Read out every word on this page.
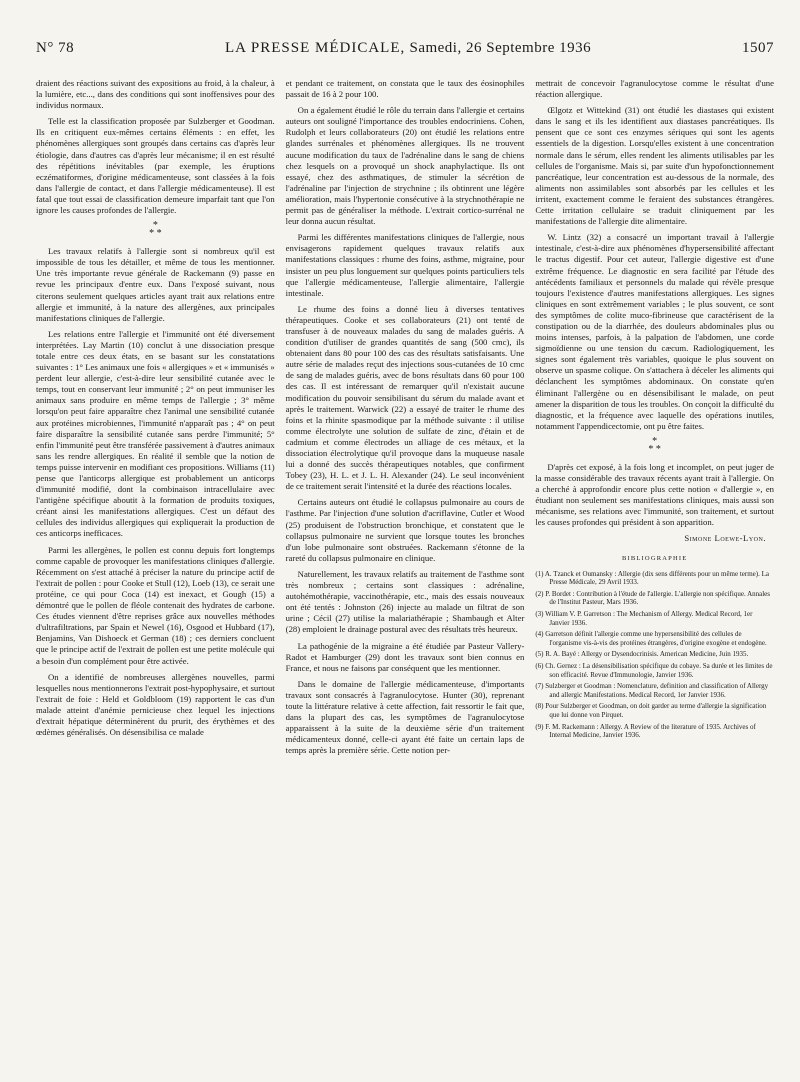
N° 78	LA PRESSE MÉDICALE, Samedi, 26 Septembre 1936	1507

draient des réactions suivant des expositions au froid, à la chaleur, à la lumière, etc..., dans des conditions qui sont inoffensives pour des individus normaux.

Telle est la classification proposée par Sulzberger et Goodman. Ils en critiquent eux-mêmes certains éléments : en effet, les phénomènes allergiques sont groupés dans certains cas d'après leur étiologie, dans d'autres cas d'après leur mécanisme; il en est résulté des répétitions inévitables (par exemple, les éruptions eczématiformes, d'origine médicamenteuse, sont classées à la fois dans l'allergie de contact, et dans l'allergie médicamenteuse). Il est fatal que tout essai de classification demeure imparfait tant que l'on ignore les causes profondes de l'allergie.

*
* *

Les travaux relatifs à l'allergie sont si nombreux qu'il est impossible de tous les détailler, et même de tous les mentionner. Une très importante revue générale de Rackemann (9) passe en revue les principaux d'entre eux. Dans l'exposé suivant, nous citerons seulement quelques articles ayant trait aux relations entre allergie et immunité, à la nature des allergènes, aux principales manifestations cliniques de l'allergie.

Les relations entre l'allergie et l'immunité ont été diversement interprétées. Lay Martin (10) conclut à une dissociation presque totale entre ces deux états, en se basant sur les constatations suivantes : 1° Les animaux une fois « allergiques » et « immunisés » perdent leur allergie, c'est-à-dire leur sensibilité cutanée avec le temps, tout en conservant leur immunité ; 2° on peut immuniser les animaux sans produire en même temps de l'allergie ; 3° même lorsqu'on peut faire apparaître chez l'animal une sensibilité cutanée aux protéines microbiennes, l'immunité n'apparaît pas ; 4° on peut faire disparaître la sensibilité cutanée sans perdre l'immunité; 5° enfin l'immunité peut être transférée passivement à d'autres animaux sans les rendre allergiques. En réalité il semble que la notion de temps puisse intervenir en modifiant ces propositions. Williams (11) pense que l'anticorps allergique est probablement un anticorps d'immunité modifié, dont la combinaison intracellulaire avec l'antigène spécifique aboutit à la formation de produits toxiques, créant ainsi les manifestations allergiques. C'est un défaut des cellules des individus allergiques qui expliquerait la production de ces anticorps inefficaces.

Parmi les allergènes, le pollen est connu depuis fort longtemps comme capable de provoquer les manifestations cliniques d'allergie. Récemment on s'est attaché à préciser la nature du principe actif de l'extrait de pollen : pour Cooke et Stull (12), Loeb (13), ce serait une protéine, ce qui pour Coca (14) est inexact, et Gough (15) a démontré que le pollen de fléole contenait des hydrates de carbone. Ces études viennent d'être reprises grâce aux nouvelles méthodes d'ultrafiltrations, par Spain et Newel (16), Osgood et Hubbard (17), Benjamins, Van Dishoeck et German (18) ; ces derniers concluent que le principe actif de l'extrait de pollen est une petite molécule qui a besoin d'un complément pour être activée.

On a identifié de nombreuses allergènes nouvelles, parmi lesquelles nous mentionnerons l'extrait post-hypophysaire, et surtout l'extrait de foie : Held et Goldbloom (19) rapportent le cas d'un malade atteint d'anémie pernicieuse chez lequel les injections d'extrait hépatique déterminèrent du prurit, des érythèmes et des œdèmes généralisés. On désensibilisa ce malade

et pendant ce traitement, on constata que le taux des éosinophiles passait de 16 à 2 pour 100.

On a également étudié le rôle du terrain dans l'allergie et certains auteurs ont souligné l'importance des troubles endocriniens. Cohen, Rudolph et leurs collaborateurs (20) ont étudié les relations entre glandes surrénales et phénomènes allergiques. Ils ne trouvent aucune modification du taux de l'adrénaline dans le sang de chiens chez lesquels on a provoqué un shock anaphylactique. Ils ont essayé, chez des asthmatiques, de stimuler la sécrétion de l'adrénaline par l'injection de strychnine ; ils obtinrent une légère amélioration, mais l'hypertonie consécutive à la strychnothérapie ne permit pas de généraliser la méthode. L'extrait cortico-surrénal ne leur donna aucun résultat.

Parmi les différentes manifestations cliniques de l'allergie, nous envisagerons rapidement quelques travaux relatifs aux manifestations classiques : rhume des foins, asthme, migraine, pour insister un peu plus longuement sur quelques points particuliers tels que l'allergie médicamenteuse, l'allergie alimentaire, l'allergie intestinale.

Le rhume des foins a donné lieu à diverses tentatives thérapeutiques. Cooke et ses collaborateurs (21) ont tenté de transfuser à de nouveaux malades du sang de malades guéris. A condition d'utiliser de grandes quantités de sang (500 cmc), ils obtenaient dans 80 pour 100 des cas des résultats satisfaisants. Une autre série de malades reçut des injections sous-cutanées de 10 cmc de sang de malades guéris, avec de bons résultats dans 60 pour 100 des cas. Il est intéressant de remarquer qu'il n'existait aucune modification du pouvoir sensibilisant du sérum du malade avant et après le traitement. Warwick (22) a essayé de traiter le rhume des foins et la rhinite spasmodique par la méthode suivante : il utilise comme électrolyte une solution de sulfate de zinc, d'étain et de cadmium et comme électrodes un alliage de ces métaux, et la dissociation électrolytique qu'il provoque dans la muqueuse nasale lui a donné des succès thérapeutiques notables, que confirment Tobey (23), H. L. et J. L. H. Alexander (24). Le seul inconvénient de ce traitement serait l'intensité et la durée des réactions locales.

Certains auteurs ont étudié le collapsus pulmonaire au cours de l'asthme. Par l'injection d'une solution d'acriflavine, Cutler et Wood (25) produisent de l'obstruction bronchique, et constatent que le collapsus pulmonaire ne survient que lorsque toutes les bronches d'un lobe pulmonaire sont obstruées. Rackemann s'étonne de la rareté du collapsus pulmonaire en clinique.

Naturellement, les travaux relatifs au traitement de l'asthme sont très nombreux ; certains sont classiques : adrénaline, autohémothérapie, vaccinothérapie, etc., mais des essais nouveaux ont été tentés : Johnston (26) injecte au malade un filtrat de son urine ; Cécil (27) utilise la malariathérapie ; Shambaugh et Alter (28) emploient le drainage postural avec des résultats très heureux.

La pathogénie de la migraine a été étudiée par Pasteur Vallery-Radot et Hamburger (29) dont les travaux sont bien connus en France, et nous ne faisons par conséquent que les mentionner.

Dans le domaine de l'allergie médicamenteuse, d'importants travaux sont consacrés à l'agranulocytose. Hunter (30), reprenant toute la littérature relative à cette affection, fait ressortir le fait que, dans la plupart des cas, les symptômes de l'agranulocytose apparaissent à la suite de la deuxième série d'un traitement médicamenteux donné, celle-ci ayant été faite un certain laps de temps après la première série. Cette notion per-

mettrait de concevoir l'agranulocytose comme le résultat d'une réaction allergique.

Œlgotz et Wittekind (31) ont étudié les diastases qui existent dans le sang et ils les identifient aux diastases pancréatiques. Ils pensent que ce sont ces enzymes sériques qui sont les agents essentiels de la digestion. Lorsqu'elles existent à une concentration normale dans le sérum, elles rendent les aliments utilisables par les cellules de l'organisme. Mais si, par suite d'un hypofonctionnement pancréatique, leur concentration est au-dessous de la normale, des aliments non assimilables sont absorbés par les cellules et les irritent, exactement comme le feraient des substances étrangères. Cette irritation cellulaire se traduit cliniquement par les manifestations de l'allergie dite alimentaire.

W. Lintz (32) a consacré un important travail à l'allergie intestinale, c'est-à-dire aux phénomènes d'hypersensibilité affectant le tractus digestif. Pour cet auteur, l'allergie digestive est d'une extrême fréquence. Le diagnostic en sera facilité par l'étude des antécédents familiaux et personnels du malade qui révèle presque toujours l'existence d'autres manifestations allergiques. Les signes cliniques en sont extrêmement variables ; le plus souvent, ce sont des symptômes de colite muco-fibrineuse que caractérisent de la constipation ou de la diarrhée, des douleurs abdominales plus ou moins intenses, parfois, à la palpation de l'abdomen, une corde sigmoïdienne ou une tension du cæcum. Radiologiquement, les signes sont également très variables, quoique le plus souvent on observe un spasme colique. On s'attachera à déceler les aliments qui déclanchent les symptômes abdominaux. On constate qu'en éliminant l'allergène ou en désensibilisant le malade, on peut amener la disparition de tous les troubles. On conçoit la difficulté du diagnostic, et la fréquence avec laquelle des opérations inutiles, notamment l'appendicectomie, ont pu être faites.

*
* *

D'après cet exposé, à la fois long et incomplet, on peut juger de la masse considérable des travaux récents ayant trait à l'allergie. On a cherché à approfondir encore plus cette notion « d'allergie », en étudiant non seulement ses manifestations cliniques, mais aussi son mécanisme, ses relations avec l'immunité, son traitement, et surtout les causes profondes qui président à son apparition.

Simone Loewe-Lyon.
BIBLIOGRAPHIE
(1) A. Tzanck et Oumansky : Allergie (dix sens différents pour un même terme). La Presse Médicale, 29 Avril 1933.
(2) P. Bordet : Contribution à l'étude de l'allergie. L'allergie non spécifique. Annales de l'Institut Pasteur, Mars 1936.
(3) William V. P. Garretson : The Mechanism of Allergy. Medical Record, 1er Janvier 1936.
(4) Garretson définit l'allergie comme une hypersensibilité des cellules de l'organisme vis-à-vis des protéines étrangères, d'origine exogène et endogène.
(5) R. A. Bayé : Allergy or Dysendocrinisis. American Medicine, Juin 1935.
(6) Ch. Gernez : La désensibilisation spécifique du cobaye. Sa durée et les limites de son efficacité. Revue d'Immunologie, Janvier 1936.
(7) Sulzberger et Goodman : Nomenclature, definition and classification of Allergy and allergic Manifestations. Medical Record, 1er Janvier 1936.
(8) Pour Sulzberger et Goodman, on doit garder au terme d'allergie la signification que lui donne von Pirquet.
(9) F. M. Rackemann : Allergy. A Review of the literature of 1935. Archives of Internal Medicine, Janvier 1936.
